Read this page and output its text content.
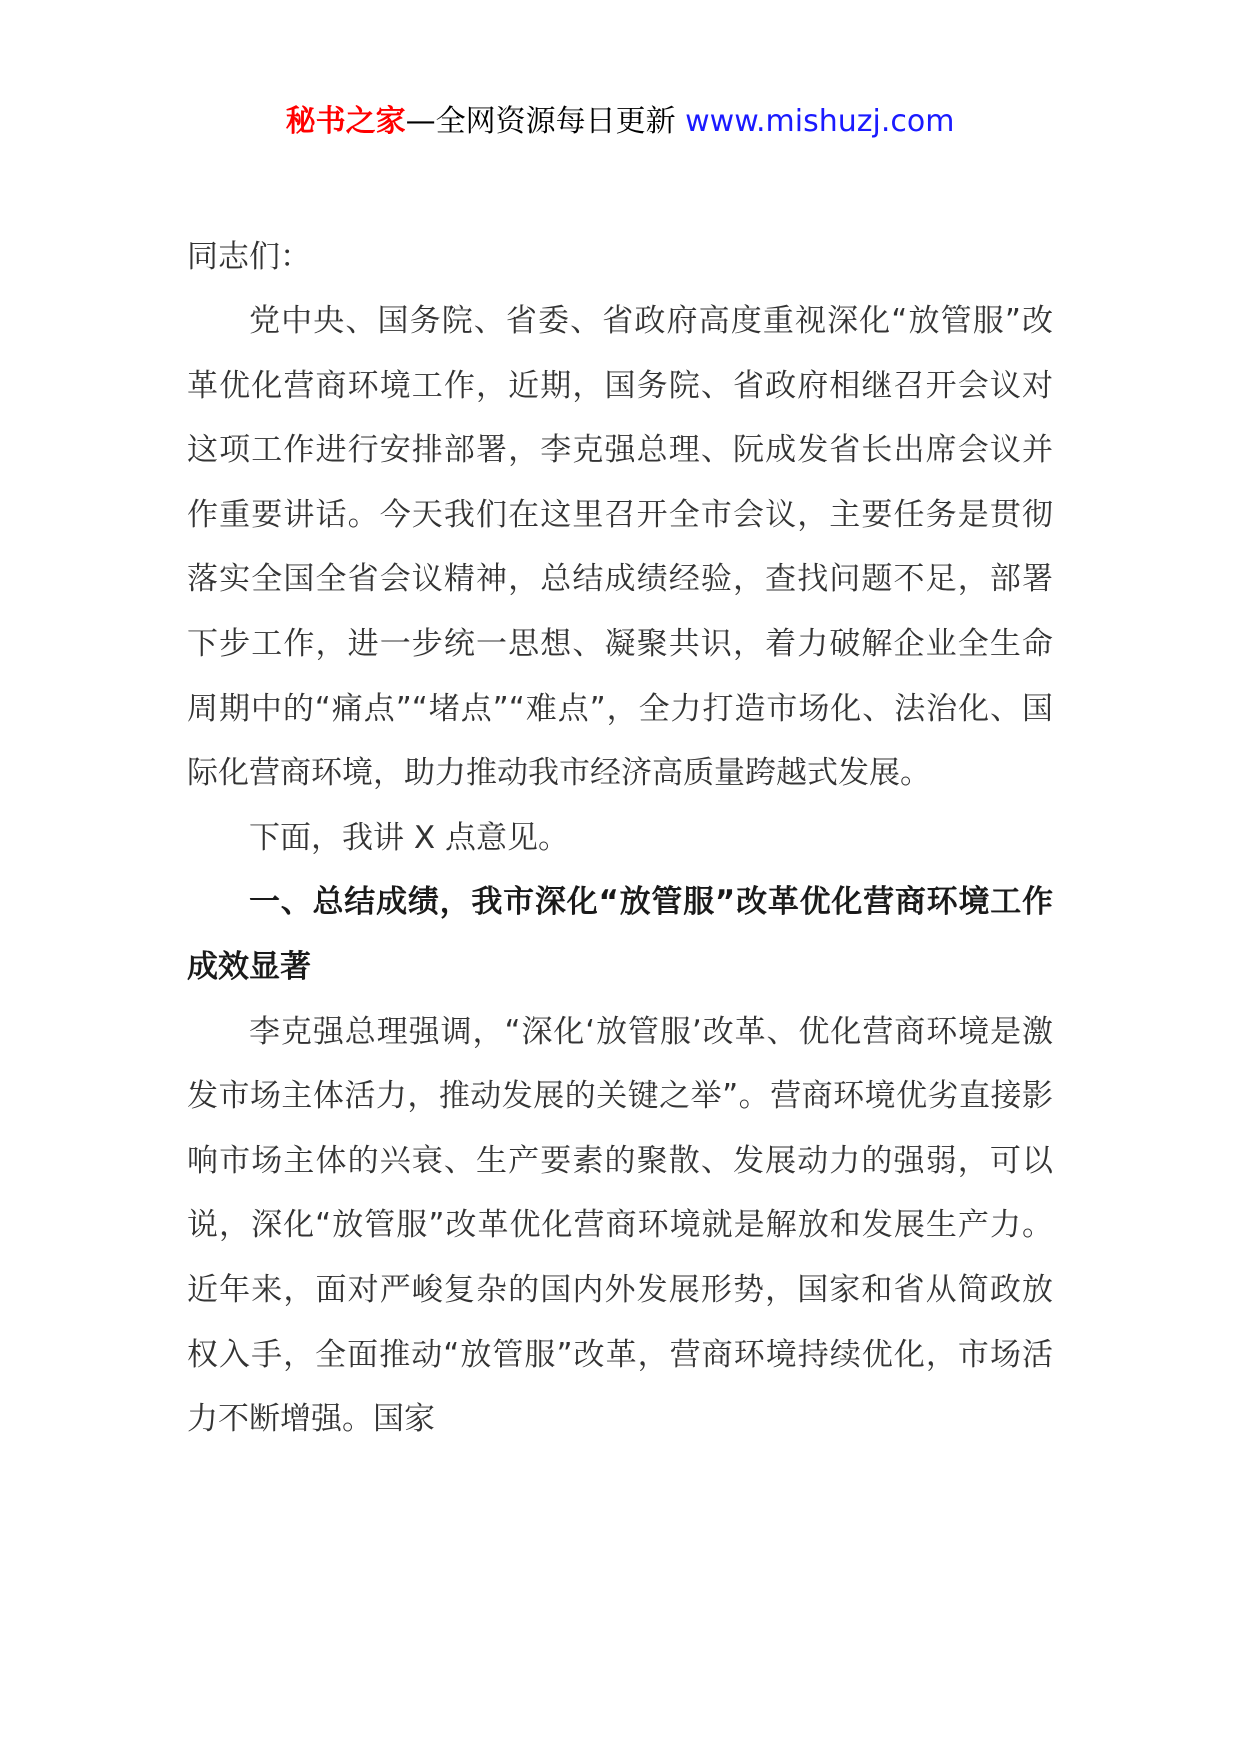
秘书之家—全网资源每日更新 www.mishuzj.com

同志们：

党中央、国务院、省委、省政府高度重视深化“放管服”改革优化营商环境工作，近期，国务院、省政府相继召开会议对这项工作进行安排部署，李克强总理、阮成发省长出席会议并作重要讲话。今天我们在这里召开全市会议，主要任务是贯彻落实全国全省会议精神，总结成绩经验，查找问题不足，部署下步工作，进一步统一思想、凝聚共识，着力破解企业全生命周期中的“痛点”“堵点”“难点”，全力打造市场化、法治化、国际化营商环境，助力推动我市经济高质量跨越式发展。

下面，我讲 X 点意见。

一、总结成绩，我市深化“放管服”改革优化营商环境工作成效显著

李克强总理强调，“深化‘放管服’改革、优化营商环境是激发市场主体活力，推动发展的关键之举”。营商环境优劣直接影响市场主体的兴衰、生产要素的聚散、发展动力的强弱，可以说，深化“放管服”改革优化营商环境就是解放和发展生产力。近年来，面对严峻复杂的国内外发展形势，国家和省从简政放权入手，全面推动“放管服”改革，营商环境持续优化，市场活力不断增强。国家
